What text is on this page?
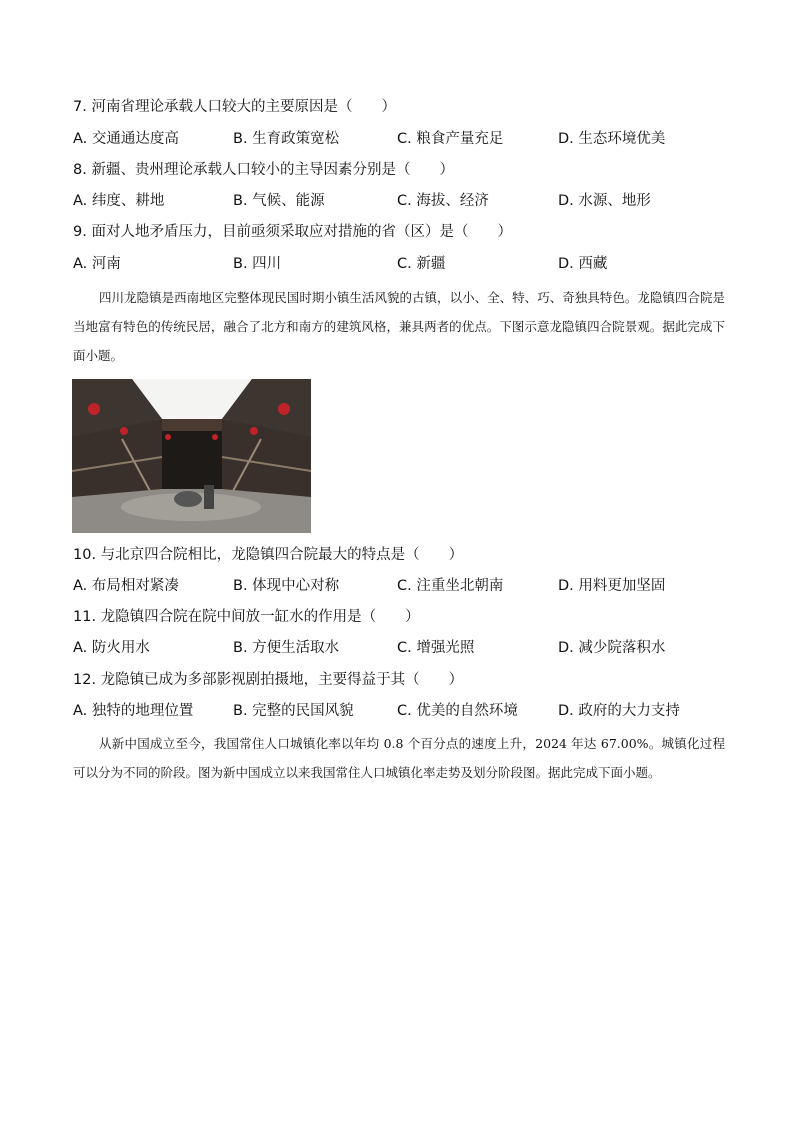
7. 河南省理论承载人口较大的主要原因是（　　）
A. 交通通达度高	B. 生育政策宽松	C. 粮食产量充足	D. 生态环境优美
8. 新疆、贵州理论承载人口较小的主导因素分别是（　　）
A. 纬度、耕地	B. 气候、能源	C. 海拔、经济	D. 水源、地形
9. 面对人地矛盾压力，目前亟须采取应对措施的省（区）是（　　）
A. 河南	B. 四川	C. 新疆	D. 西藏

四川龙隐镇是西南地区完整体现民国时期小镇生活风貌的古镇，以小、全、特、巧、奇独具特色。龙隐镇四合院是当地富有特色的传统民居，融合了北方和南方的建筑风格，兼具两者的优点。下图示意龙隐镇四合院景观。据此完成下面小题。

10. 与北京四合院相比，龙隐镇四合院最大的特点是（　　）
A. 布局相对紧凑	B. 体现中心对称	C. 注重坐北朝南	D. 用料更加坚固
11. 龙隐镇四合院在院中间放一缸水的作用是（　　）
A. 防火用水	B. 方便生活取水	C. 增强光照	D. 减少院落积水
12. 龙隐镇已成为多部影视剧拍摄地，主要得益于其（　　）
A. 独特的地理位置	B. 完整的民国风貌	C. 优美的自然环境	D. 政府的大力支持

从新中国成立至今，我国常住人口城镇化率以年均 0.8 个百分点的速度上升，2024 年达 67.00%。城镇化过程可以分为不同的阶段。图为新中国成立以来我国常住人口城镇化率走势及划分阶段图。据此完成下面小题。
